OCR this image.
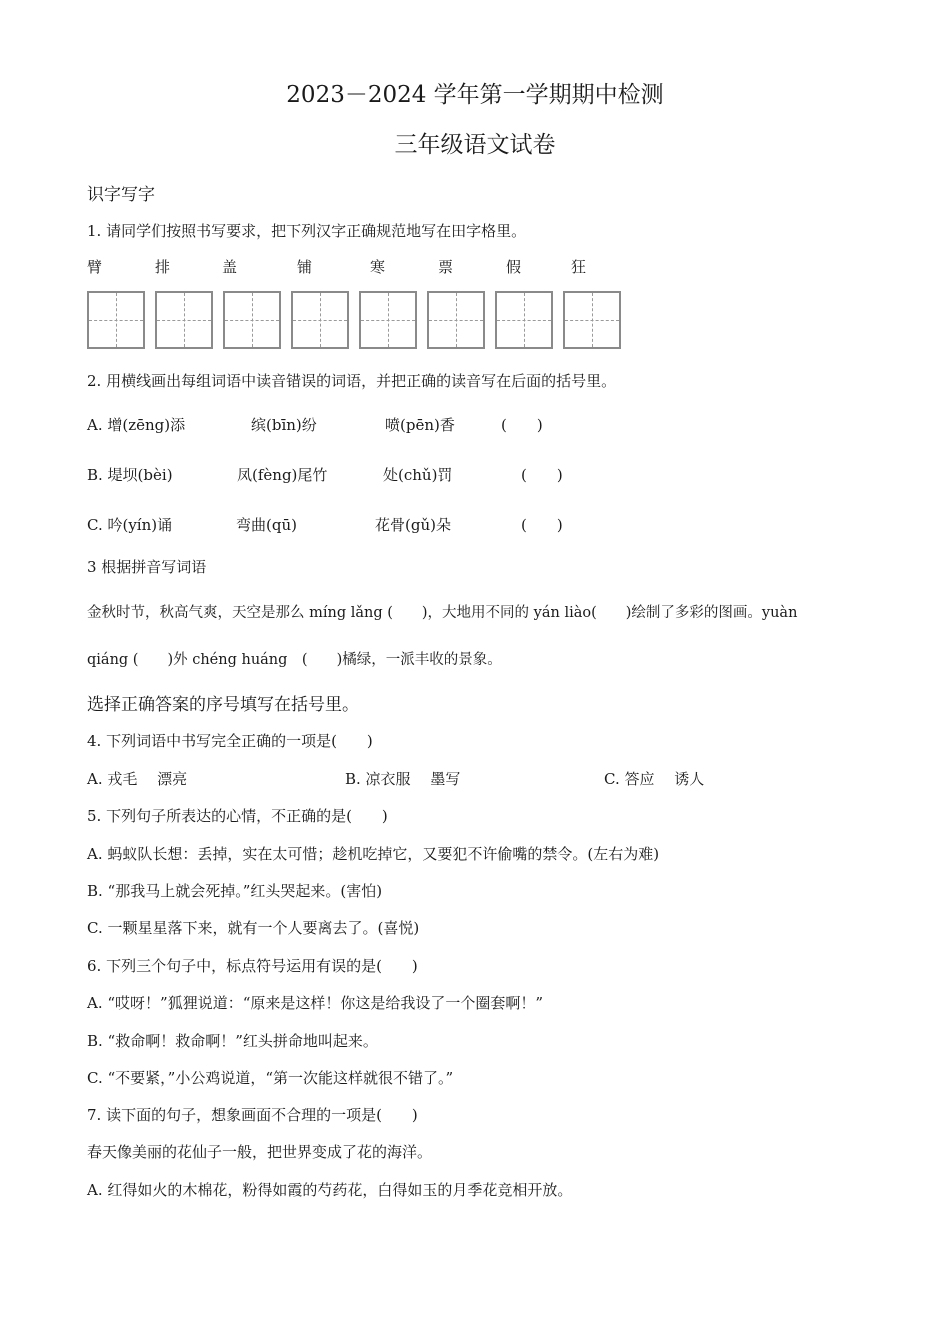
2023－2024 学年第一学期期中检测
三年级语文试卷
识字写字
1. 请同学们按照书写要求，把下列汉字正确规范地写在田字格里。
臂	排	盖	铺	寒	票	假	狂
2. 用横线画出每组词语中读音错误的词语，并把正确的读音写在后面的括号里。
A. 增(zēng)添	缤(bīn)纷	喷(pēn)香	(　　)
B. 堤坝(bèi)	凤(fèng)尾竹	处(chǔ)罚	(　　)
C. 吟(yín)诵	弯曲(qū)	花骨(gǔ)朵	(　　)
3 根据拼音写词语
金秋时节，秋高气爽，天空是那么 míng lǎng (　　)，大地用不同的 yán liào(　　)绘制了多彩的图画。yuàn
qiáng (　　)外 chéng huáng　(　　)橘绿，一派丰收的景象。
选择正确答案的序号填写在括号里。
4. 下列词语中书写完全正确的一项是(　　)
A. 戎毛　 漂亮	B. 凉衣服　 墨写	C. 答应　 诱人
5. 下列句子所表达的心情，不正确的是(　　)
A. 蚂蚁队长想：丢掉，实在太可惜；趁机吃掉它，又要犯不许偷嘴的禁令。(左右为难)
B. “那我马上就会死掉。”红头哭起来。(害怕)
C. 一颗星星落下来，就有一个人要离去了。(喜悦)
6. 下列三个句子中，标点符号运用有误的是(　　)
A. “哎呀！”狐狸说道：“原来是这样！你这是给我设了一个圈套啊！”
B. “救命啊！救命啊！”红头拼命地叫起来。
C. “不要紧，”小公鸡说道，“第一次能这样就很不错了。”
7. 读下面的句子，想象画面不合理的一项是(　　)
春天像美丽的花仙子一般，把世界变成了花的海洋。
A. 红得如火的木棉花，粉得如霞的芍药花，白得如玉的月季花竞相开放。
